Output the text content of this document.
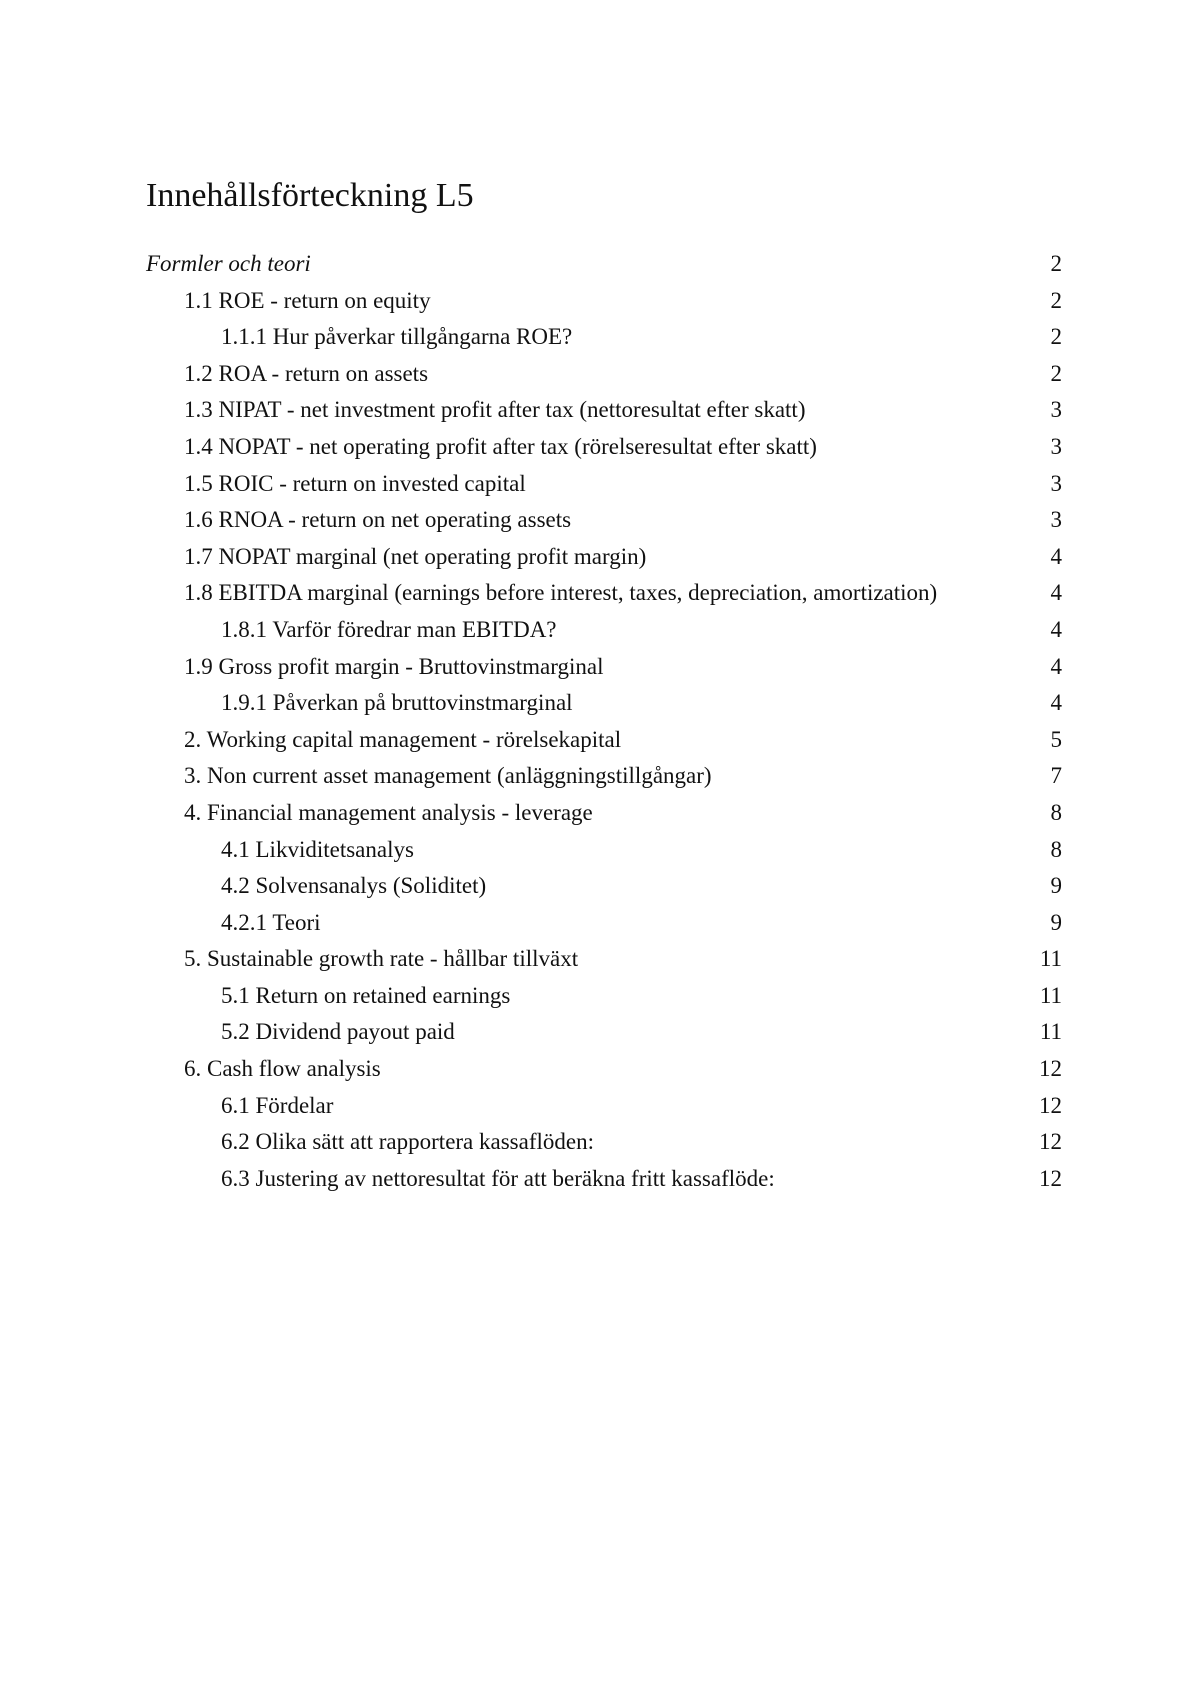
Innehållsförteckning L5
Formler och teori	2
1.1 ROE - return on equity	2
1.1.1 Hur påverkar tillgångarna ROE?	2
1.2 ROA - return on assets	2
1.3 NIPAT - net investment profit after tax (nettoresultat efter skatt)	3
1.4 NOPAT - net operating profit after tax (rörelseresultat efter skatt)	3
1.5 ROIC - return on invested capital	3
1.6 RNOA - return on net operating assets	3
1.7 NOPAT marginal (net operating profit margin)	4
1.8 EBITDA marginal (earnings before interest, taxes, depreciation, amortization)	4
1.8.1 Varför föredrar man EBITDA?	4
1.9 Gross profit margin - Bruttovinstmarginal	4
1.9.1 Påverkan på bruttovinstmarginal	4
2. Working capital management - rörelsekapital	5
3. Non current asset management (anläggningstillgångar)	7
4. Financial management analysis - leverage	8
4.1 Likviditetsanalys	8
4.2 Solvensanalys (Soliditet)	9
4.2.1 Teori	9
5. Sustainable growth rate - hållbar tillväxt	11
5.1 Return on retained earnings	11
5.2 Dividend payout paid	11
6. Cash flow analysis	12
6.1 Fördelar	12
6.2 Olika sätt att rapportera kassaflöden:	12
6.3 Justering av nettoresultat för att beräkna fritt kassaflöde:	12
